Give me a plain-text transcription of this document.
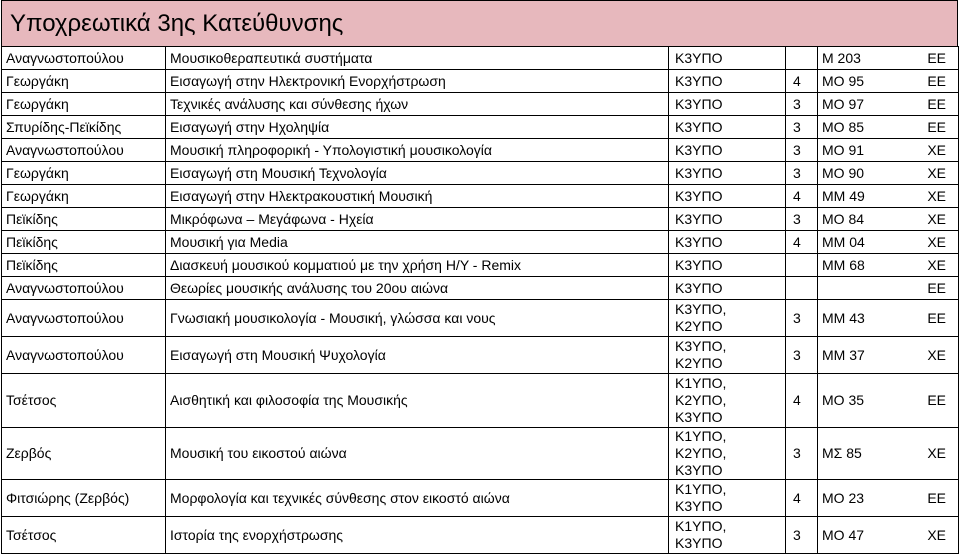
Υποχρεωτικά 3ης Κατεύθυνσης
Αναγνωστοπούλου	Μουσικοθεραπευτικά συστήματα	Κ3ΥΠΟ		Μ 203 ΕΕ

Γεωργάκη	Εισαγωγή στην Ηλεκτρονική Ενορχήστρωση	Κ3ΥΠΟ	4	ΜΟ 95 ΕΕ

Γεωργάκη	Τεχνικές ανάλυσης και σύνθεσης ήχων	Κ3ΥΠΟ	3	ΜΟ 97 ΕΕ

Σπυρίδης-Πεϊκίδης	Εισαγωγή στην Ηχοληψία	Κ3ΥΠΟ	3	ΜΟ 85 ΕΕ

Αναγνωστοπούλου	Μουσική πληροφορική - Υπολογιστική μουσικολογία	Κ3ΥΠΟ	3	ΜΟ 91 ΧΕ

Γεωργάκη	Εισαγωγή στη Μουσική Τεχνολογία	Κ3ΥΠΟ	3	ΜΟ 90 ΧΕ

Γεωργάκη	Εισαγωγή στην Ηλεκτρακουστική Μουσική	Κ3ΥΠΟ	4	ΜΜ 49 ΧΕ

Πεϊκίδης	Μικρόφωνα – Μεγάφωνα - Ηχεία	Κ3ΥΠΟ	3	ΜΟ 84 ΧΕ

Πεϊκίδης	Μουσική για Media	Κ3ΥΠΟ	4	ΜΜ 04 ΧΕ

Πεϊκίδης	Διασκευή μουσικού κομματιού με την χρήση Η/Υ - Remix	Κ3ΥΠΟ		ΜΜ 68 ΧΕ

Αναγνωστοπούλου	Θεωρίες μουσικής ανάλυσης του 20ου αιώνα	Κ3ΥΠΟ		ΕΕ

Αναγνωστοπούλου	Γνωσιακή μουσικολογία - Μουσική, γλώσσα και νους	Κ3ΥΠΟ,
Κ2ΥΠΟ	3	ΜΜ 43 ΕΕ

Αναγνωστοπούλου	Εισαγωγή στη Μουσική Ψυχολογία	Κ3ΥΠΟ,
Κ2ΥΠΟ	3	ΜΜ 37 ΧΕ

Τσέτσος	Αισθητική και φιλοσοφία της Μουσικής	Κ1ΥΠΟ,
Κ2ΥΠΟ,
Κ3ΥΠΟ	4	ΜΟ 35 ΕΕ

Ζερβός	Μουσική του εικοστού αιώνα	Κ1ΥΠΟ,
Κ2ΥΠΟ,
Κ3ΥΠΟ	3	ΜΣ 85 ΧΕ

Φιτσιώρης (Ζερβός)	Μορφολογία και τεχνικές σύνθεσης στον εικοστό αιώνα	Κ1ΥΠΟ,
Κ3ΥΠΟ	4	ΜΟ 23 ΕΕ

Τσέτσος	Ιστορία της ενορχήστρωσης	Κ1ΥΠΟ,
Κ3ΥΠΟ	3	ΜΟ 47 ΧΕ
